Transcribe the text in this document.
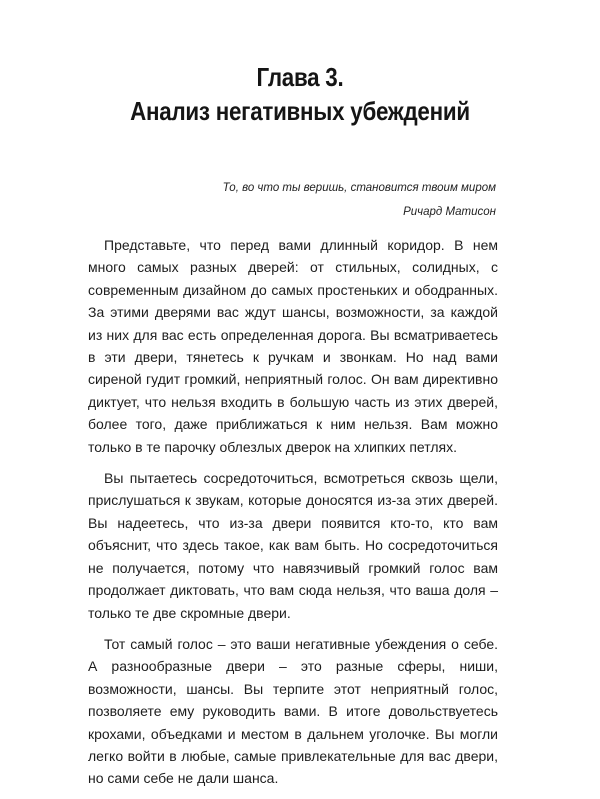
Глава 3.
Анализ негативных убеждений
То, во что ты веришь, становится твоим миром
Ричард Матисон

Представьте, что перед вами длинный коридор. В нем много самых разных дверей: от стильных, солидных, с современным дизайном до самых простеньких и ободранных. За этими дверями вас ждут шансы, возможности, за каждой из них для вас есть определенная дорога. Вы всматриваетесь в эти двери, тянетесь к ручкам и звонкам. Но над вами сиреной гудит громкий, неприятный голос. Он вам директивно диктует, что нельзя входить в большую часть из этих дверей, более того, даже приближаться к ним нельзя. Вам можно только в те парочку облезлых дверок на хлипких петлях.

Вы пытаетесь сосредоточиться, всмотреться сквозь щели, прислушаться к звукам, которые доносятся из-за этих дверей. Вы надеетесь, что из-за двери появится кто-то, кто вам объяснит, что здесь такое, как вам быть. Но сосредоточиться не получается, потому что навязчивый громкий голос вам продолжает диктовать, что вам сюда нельзя, что ваша доля – только те две скромные двери.

Тот самый голос – это ваши негативные убеждения о себе. А разнообразные двери – это разные сферы, ниши, возможности, шансы. Вы терпите этот неприятный голос, позволяете ему руководить вами. В итоге довольствуетесь крохами, объедками и местом в дальнем уголочке. Вы могли легко войти в любые, самые привлекательные для вас двери, но сами себе не дали шанса.
